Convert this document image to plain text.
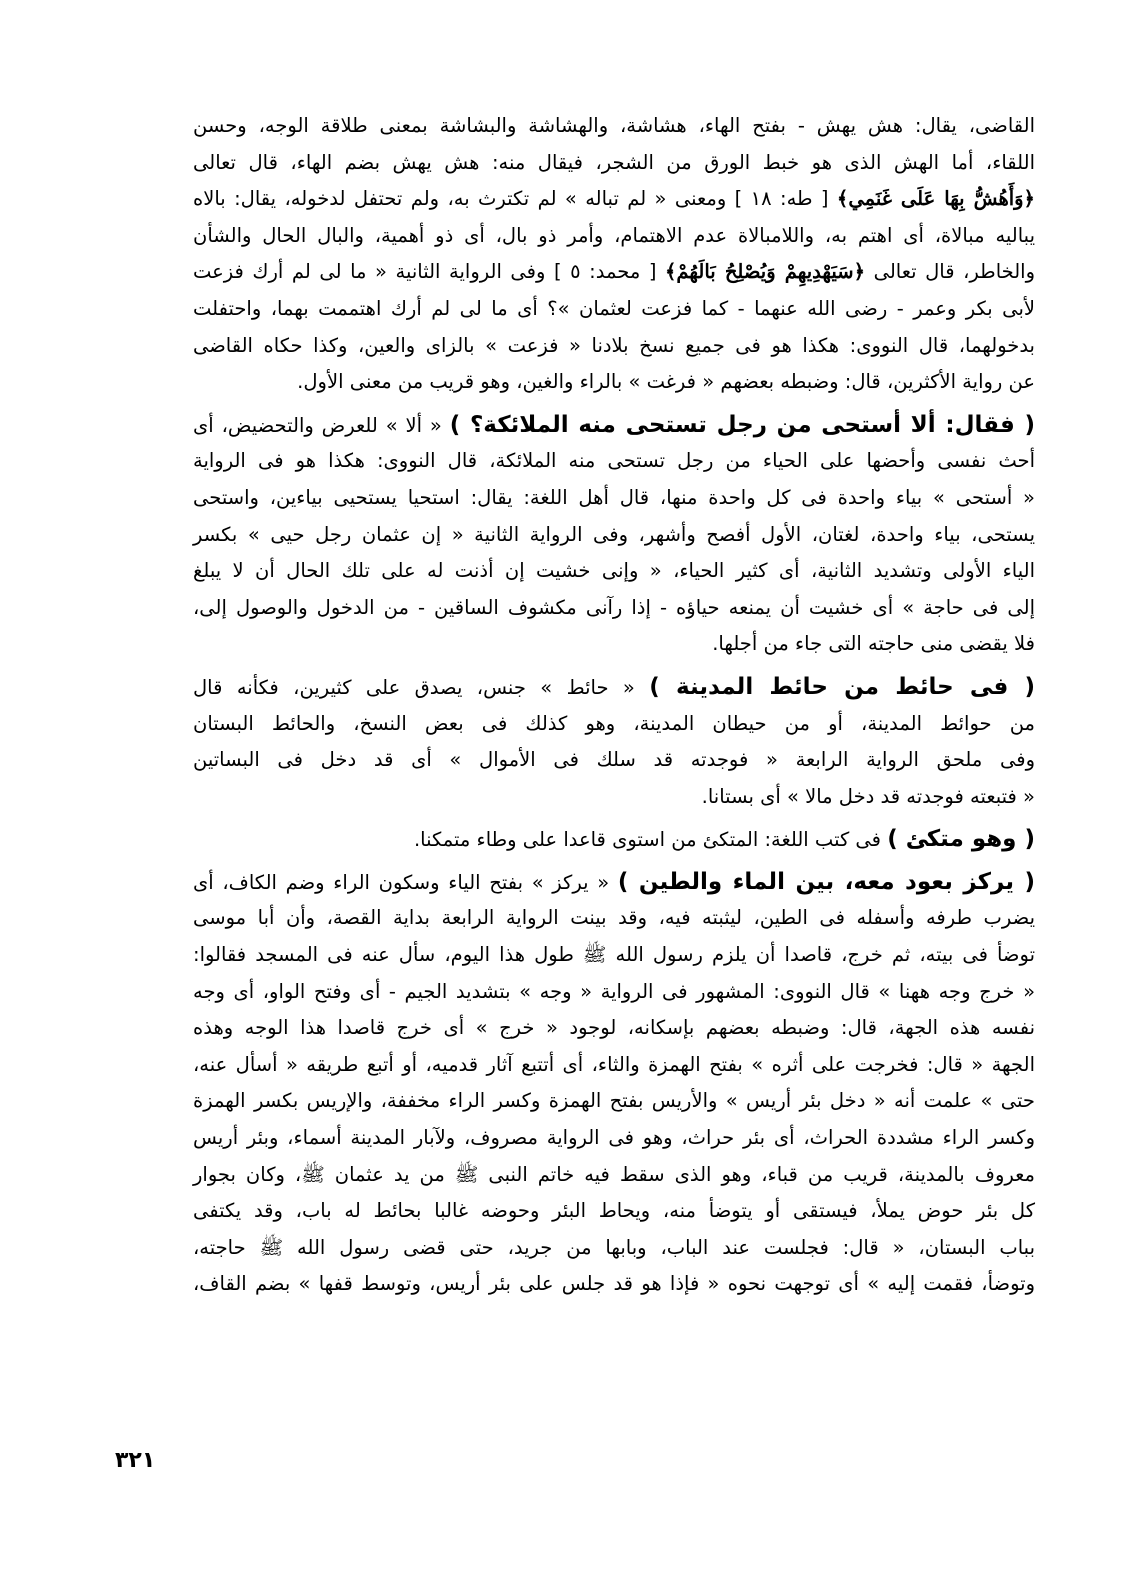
القاضى، يقال: هش يهش - بفتح الهاء، هشاشة، والهشاشة والبشاشة بمعنى طلاقة الوجه، وحسن
اللقاء، أما الهش الذى هو خبط الورق من الشجر، فيقال منه: هش يهش بضم الهاء، قال تعالى
﴿وَأَهُشُّ بِهَا عَلَى غَنَمِي﴾ [ طه: ١٨ ] ومعنى « لم تباله » لم تكترث به، ولم تحتفل لدخوله، يقال: بالاه
يباليه مبالاة، أى اهتم به، واللامبالاة عدم الاهتمام، وأمر ذو بال، أى ذو أهمية، والبال الحال والشأن
والخاطر، قال تعالى ﴿سَيَهْدِيهِمْ وَيُصْلِحُ بَالَهُمْ﴾ [ محمد: ٥ ] وفى الرواية الثانية « ما لى لم أرك فزعت
لأبى بكر وعمر - رضى الله عنهما - كما فزعت لعثمان »؟ أى ما لى لم أرك اهتممت بهما، واحتفلت
بدخولهما، قال النووى: هكذا هو فى جميع نسخ بلادنا « فزعت » بالزاى والعين، وكذا حكاه القاضى
عن رواية الأكثرين، قال: وضبطه بعضهم « فرغت » بالراء والغين، وهو قريب من معنى الأول.
( فقال: ألا أستحى من رجل تستحى منه الملائكة؟ ) « ألا » للعرض والتحضيض، أى
أحث نفسى وأحضها على الحياء من رجل تستحى منه الملائكة، قال النووى: هكذا هو فى الرواية
« أستحى » بياء واحدة فى كل واحدة منها، قال أهل اللغة: يقال: استحيا يستحيى بياءين، واستحى
يستحى، بياء واحدة، لغتان، الأول أفصح وأشهر، وفى الرواية الثانية « إن عثمان رجل حيى » بكسر
الياء الأولى وتشديد الثانية، أى كثير الحياء، « وإنى خشيت إن أذنت له على تلك الحال أن لا يبلغ
إلى فى حاجة » أى خشيت أن يمنعه حياؤه - إذا رآنى مكشوف الساقين - من الدخول والوصول إلى،
فلا يقضى منى حاجته التى جاء من أجلها.
( فى حائط من حائط المدينة ) « حائط » جنس، يصدق على كثيرين، فكأنه قال
من حوائط المدينة، أو من حيطان المدينة، وهو كذلك فى بعض النسخ، والحائط البستان
وفى ملحق الرواية الرابعة « فوجدته قد سلك فى الأموال » أى قد دخل فى البساتين
« فتبعته فوجدته قد دخل مالا » أى بستانا.
( وهو متكئ ) فى كتب اللغة: المتكئ من استوى قاعدا على وطاء متمكنا.
( يركز بعود معه، بين الماء والطين ) « يركز » بفتح الياء وسكون الراء وضم الكاف، أى
يضرب طرفه وأسفله فى الطين، ليثبته فيه، وقد بينت الرواية الرابعة بداية القصة، وأن أبا موسى
توضأ فى بيته، ثم خرج، قاصدا أن يلزم رسول الله ﷺ طول هذا اليوم، سأل عنه فى المسجد فقالوا:
« خرج وجه ههنا » قال النووى: المشهور فى الرواية « وجه » بتشديد الجيم - أى وفتح الواو، أى وجه
نفسه هذه الجهة، قال: وضبطه بعضهم بإسكانه، لوجود « خرج » أى خرج قاصدا هذا الوجه وهذه
الجهة « قال: فخرجت على أثره » بفتح الهمزة والثاء، أى أتتبع آثار قدميه، أو أتبع طريقه « أسأل عنه،
حتى » علمت أنه « دخل بئر أريس » والأريس بفتح الهمزة وكسر الراء مخففة، والإريس بكسر الهمزة
وكسر الراء مشددة الحراث، أى بئر حراث، وهو فى الرواية مصروف، ولآبار المدينة أسماء، وبئر أريس
معروف بالمدينة، قريب من قباء، وهو الذى سقط فيه خاتم النبى ﷺ من يد عثمان ﷺ، وكان بجوار
كل بئر حوض يملأ، فيستقى أو يتوضأ منه، ويحاط البئر وحوضه غالبا بحائط له باب، وقد يكتفى
بباب البستان، « قال: فجلست عند الباب، وبابها من جريد، حتى قضى رسول الله ﷺ حاجته،
وتوضأ، فقمت إليه » أى توجهت نحوه « فإذا هو قد جلس على بئر أريس، وتوسط قفها » بضم القاف،
٣٢١
